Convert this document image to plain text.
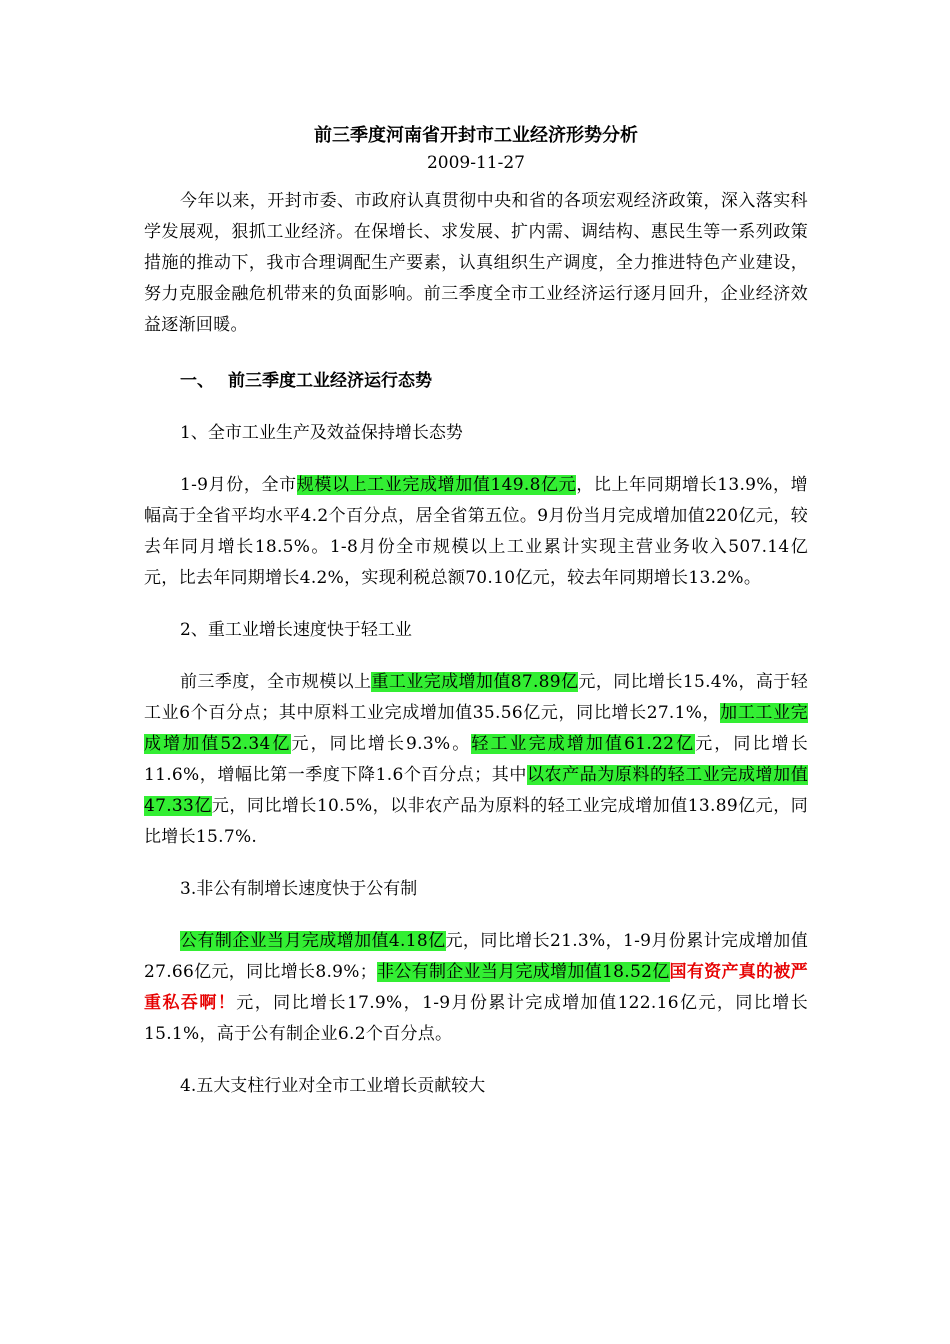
前三季度河南省开封市工业经济形势分析
2009-11-27

今年以来，开封市委、市政府认真贯彻中央和省的各项宏观经济政策，深入落实科学发展观，狠抓工业经济。在保增长、求发展、扩内需、调结构、惠民生等一系列政策措施的推动下，我市合理调配生产要素，认真组织生产调度，全力推进特色产业建设，努力克服金融危机带来的负面影响。前三季度全市工业经济运行逐月回升，企业经济效益逐渐回暖。

一、 前三季度工业经济运行态势
1、全市工业生产及效益保持增长态势

1-9月份，全市规模以上工业完成增加值149.8亿元，比上年同期增长13.9%，增幅高于全省平均水平4.2个百分点，居全省第五位。9月份当月完成增加值220亿元，较去年同月增长18.5%。1-8月份全市规模以上工业累计实现主营业务收入507.14亿元，比去年同期增长4.2%，实现利税总额70.10亿元，较去年同期增长13.2%。

2、重工业增长速度快于轻工业

前三季度，全市规模以上重工业完成增加值87.89亿元，同比增长15.4%，高于轻工业6个百分点；其中原料工业完成增加值35.56亿元，同比增长27.1%，加工工业完成增加值52.34亿元，同比增长9.3%。轻工业完成增加值61.22亿元，同比增长11.6%，增幅比第一季度下降1.6个百分点；其中以农产品为原料的轻工业完成增加值47.33亿元，同比增长10.5%，以非农产品为原料的轻工业完成增加值13.89亿元，同比增长15.7%.

3.非公有制增长速度快于公有制

公有制企业当月完成增加值4.18亿元，同比增长21.3%，1-9月份累计完成增加值27.66亿元，同比增长8.9%；非公有制企业当月完成增加值18.52亿国有资产真的被严重私吞啊！元，同比增长17.9%，1-9月份累计完成增加值122.16亿元，同比增长15.1%，高于公有制企业6.2个百分点。

4.五大支柱行业对全市工业增长贡献较大
